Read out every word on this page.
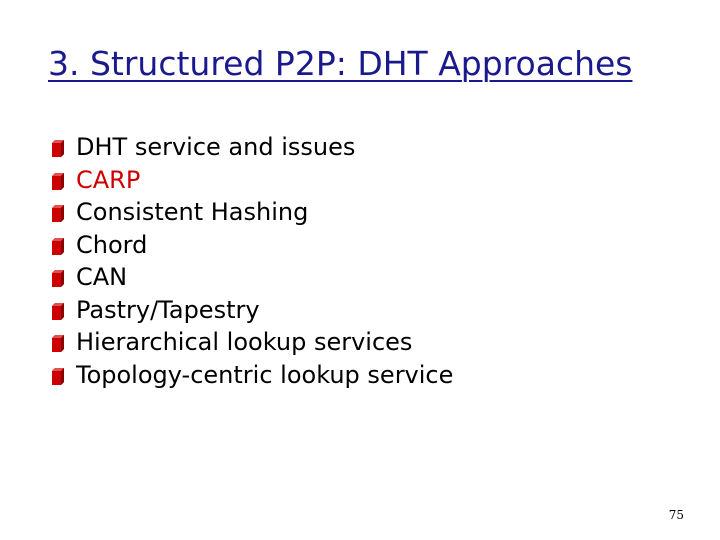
3. Structured P2P: DHT Approaches
DHT service and issues
CARP
Consistent Hashing
Chord
CAN
Pastry/Tapestry
Hierarchical lookup services
Topology-centric lookup service
75
